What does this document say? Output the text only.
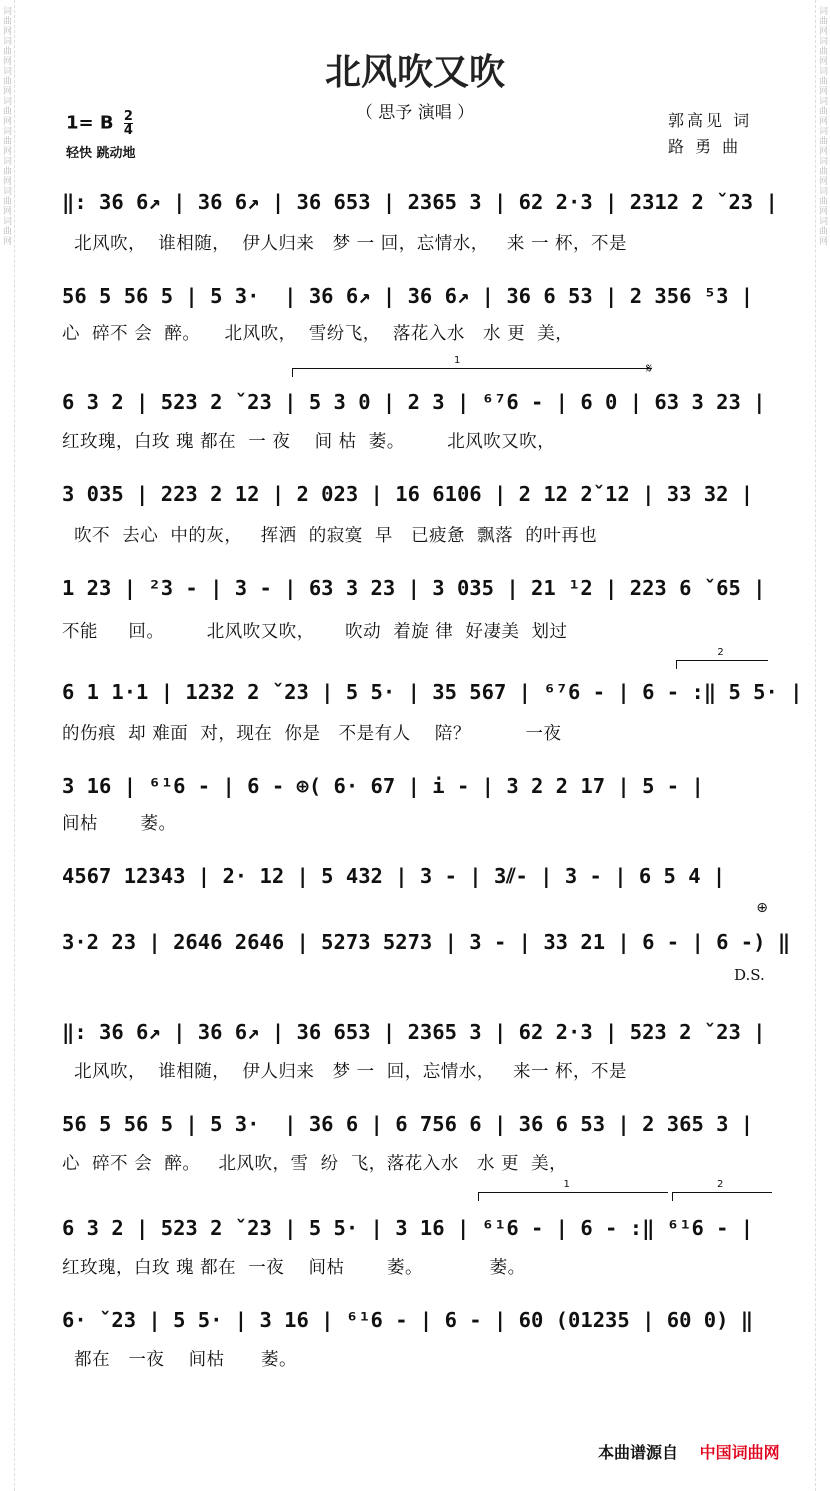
词曲网词曲网词曲网词曲网词曲网词曲网词曲网词曲网	词曲网词曲网词曲网词曲网词曲网词曲网词曲网词曲网
北风吹又吹
（ 思予 演唱 ）
1= B $\frac{2}{4}$
轻快 跳动地
郭高见 词
路 勇 曲
‖: 36 6↗ | 36 6↗ | 36 653 | 2365 3 | 62 2·3 | 2312 2 ˇ23 |
北风吹，  谁相随，  伊人归来   梦 一 回，忘情水，   来 一 杯，不是
56 5 56 5 | 5 3·  | 36 6↗ | 36 6↗ | 36 6 53 | 2 356 ⁵3 |
心  碎不 会  醉。    北风吹，  雪纷飞，  落花入水   水 更  美，
1
𝄋
6 3 2 | 523 2 ˇ23 | 5 3 0 | 2 3 | ⁶⁷6 - | 6 0 | 63 3 23 |
红玫瑰，白玫 瑰 都在  一 夜    间 枯  萎。       北风吹又吹，
3 035 | 223 2 12 | 2 023 | 16 6106 | 2 12 2ˇ12 | 33 32 |
吹不  去心  中的灰，   挥洒  的寂寞  早   已疲惫  飘落  的叶再也
1 23 | ²3 - | 3 - | 63 3 23 | 3 035 | 21 ¹2 | 223 6 ˇ65 |
不能     回。       北风吹又吹，     吹动  着旋 律  好凄美  划过
2
6 1 1·1 | 1232 2 ˇ23 | 5 5· | 35 567 | ⁶⁷6 - | 6 - :‖ 5 5· |
的伤痕  却 难面  对，现在  你是   不是有人    陪？         一夜
3 16 | ⁶¹6 - | 6 - ⊕( 6· 67 | i - | 3 2 2 17 | 5 - |
间枯       萎。
4567 12343 | 2· 12 | 5 432 | 3 - | 3⫽- | 3 - | 6 5 4 |
⊕
3·2 23 | 2646 2646 | 5273 5273 | 3 - | 33 21 | 6 - | 6 -) ‖
D.S.
‖: 36 6↗ | 36 6↗ | 36 653 | 2365 3 | 62 2·3 | 523 2 ˇ23 |
北风吹，  谁相随，  伊人归来   梦 一  回，忘情水，   来一 杯，不是
56 5 56 5 | 5 3·  | 36 6 | 6 756 6 | 36 6 53 | 2 365 3 |
心  碎不 会  醉。   北风吹，雪  纷  飞，落花入水   水 更  美，
1	2
6 3 2 | 523 2 ˇ23 | 5 5· | 3 16 | ⁶¹6 - | 6 - :‖ ⁶¹6 - |
红玫瑰，白玫 瑰 都在  一夜    间枯       萎。           萎。
6· ˇ23 | 5 5· | 3 16 | ⁶¹6 - | 6 - | 60 (01235 | 60 0) ‖
都在   一夜    间枯      萎。
本曲谱源自 中国词曲网
